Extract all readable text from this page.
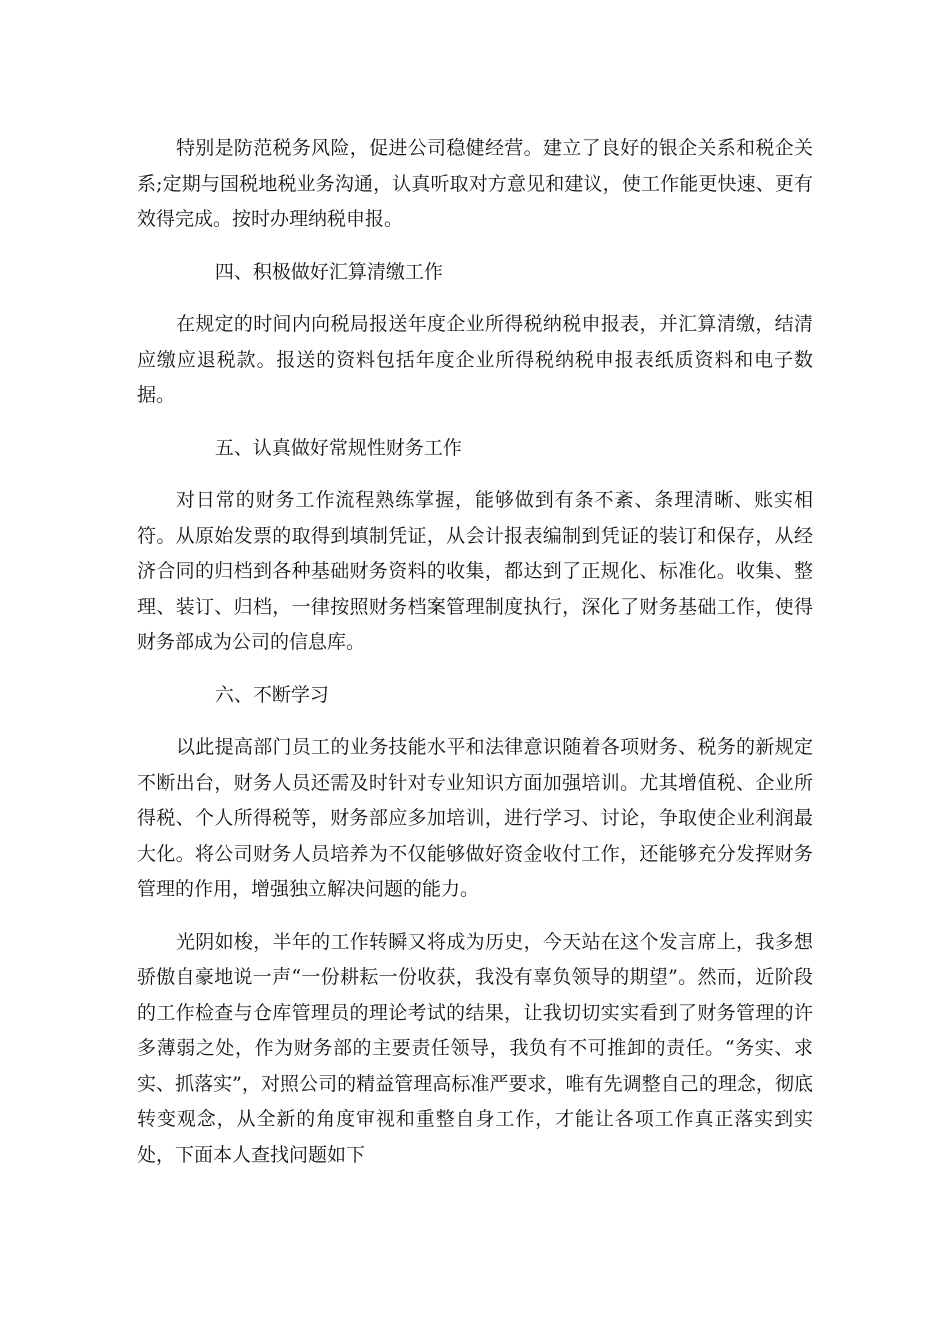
特别是防范税务风险，促进公司稳健经营。建立了良好的银企关系和税企关系;定期与国税地税业务沟通，认真听取对方意见和建议，使工作能更快速、更有效得完成。按时办理纳税申报。

四、积极做好汇算清缴工作

在规定的时间内向税局报送年度企业所得税纳税申报表，并汇算清缴，结清应缴应退税款。报送的资料包括年度企业所得税纳税申报表纸质资料和电子数据。

五、认真做好常规性财务工作

对日常的财务工作流程熟练掌握，能够做到有条不紊、条理清晰、账实相符。从原始发票的取得到填制凭证，从会计报表编制到凭证的装订和保存，从经济合同的归档到各种基础财务资料的收集，都达到了正规化、标准化。收集、整理、装订、归档，一律按照财务档案管理制度执行，深化了财务基础工作，使得财务部成为公司的信息库。

六、不断学习

以此提高部门员工的业务技能水平和法律意识随着各项财务、税务的新规定不断出台，财务人员还需及时针对专业知识方面加强培训。尤其增值税、企业所得税、个人所得税等，财务部应多加培训，进行学习、讨论，争取使企业利润最大化。将公司财务人员培养为不仅能够做好资金收付工作，还能够充分发挥财务管理的作用，增强独立解决问题的能力。

光阴如梭，半年的工作转瞬又将成为历史，今天站在这个发言席上，我多想骄傲自豪地说一声“一份耕耘一份收获，我没有辜负领导的期望”。然而，近阶段的工作检查与仓库管理员的理论考试的结果，让我切切实实看到了财务管理的许多薄弱之处，作为财务部的主要责任领导，我负有不可推卸的责任。“务实、求实、抓落实”，对照公司的精益管理高标准严要求，唯有先调整自己的理念，彻底转变观念，从全新的角度审视和重整自身工作，才能让各项工作真正落实到实处，下面本人查找问题如下
